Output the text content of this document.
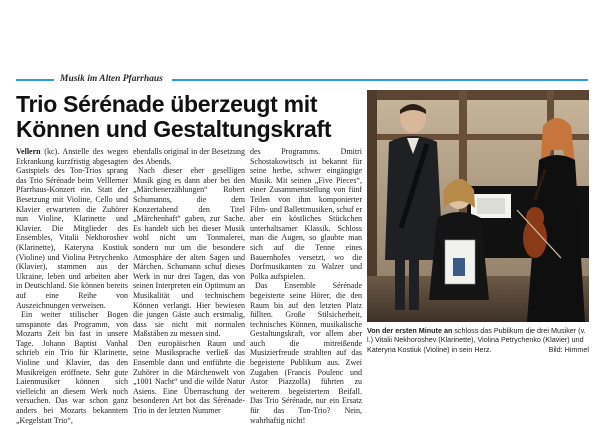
Musik im Alten Pfarrhaus
Trio Sérénade überzeugt mit
Können und Gestaltungskraft

Vellern (kc). Anstelle des wegen Erkrankung kurzfristig abgesagten Gastspiels des Ton-Trios sprang das Trio Sérénade beim Velllerner Pfarrhaus-Konzert ein. Statt der Besetzung mit Violine, Cello und Klavier erwarteten die Zuhörer nun Violine, Klarinette und Klavier. Die Mitglieder des Ensembles, Vitalii Nekhoroshev (Klarinette), Kateryna Kostiuk (Violine) und Violina Petrychenko (Klavier), stammen aus der Ukraine, leben und arbeiten aber in Deutschland. Sie können bereits auf eine Reihe von Auszeichnungen verweisen.

Ein weiter stilischer Bogen umspannte das Programm, von Mozarts Zeit bis fast in unsere Tage. Johann Baptist Vanhal schrieb ein Trio für Klarinette, Violine und Klavier, das den Musikreigen eröffnete. Sehr gute Laienmusiker können sich vielleicht an diesem Werk noch versuchen. Das war schon ganz anders bei Mozarts bekanntem „Kegelstatt Trio“,

ebenfalls original in der Besetzung des Abends.

Nach dieser eher geselligen Musik ging es dann aber bei den „Märchenerzählungen“ Robert Schumanns, die dem Konzertabend den Titel „Märchenhaft“ gaben, zur Sache. Es handelt sich bei dieser Musik wohl nicht um Tonmalerei, sondern nur um die besondere Atmosphäre der alten Sagen und Märchen. Schumann schuf dieses Werk in nur drei Tagen, das von seinen Interpreten ein Optimum an Musikalität und technischem Können verlangt. Hier bewiesen die jungen Gäste auch erstmalig, dass sie nicht mit normalen Maßstäben zu messen sind.

Den europäischen Raum und seine Musiksprache verließ das Ensemble dann und entführte die Zuhörer in die Märchenwelt von „1001 Nacht“ und die wilde Natur Asiens. Eine Überraschung der besonderen Art bot das Sérénade-Trio in der letzten Nummer

des Programms. Dmitri Schostakowitsch ist bekannt für seine herbe, schwer eingängige Musik. Mit seinen „Five Pieces“, einer Zusammenstellung von fünf Teilen von ihm komponierter Film- und Ballettmusiken, schuf er aber ein köstliches Stückchen unterhaltsamer Klassik. Schloss man die Augen, so glaubte man sich auf die Tenne eines Bauernhofes versetzt, wo die Dorfmusikanten zu Walzer und Polka aufspielen.

Das Ensemble Sérénade begeisterte seine Hörer, die den Raum bis auf den letzten Platz füllten. Große Stilsicherheit, technisches Können, musikalische Gestaltungskraft, vor allem aber auch die mitreißende Musizierfreude strahlten auf das begeisterte Publikum aus. Zwei Zugaben (Francis Poulenc und Astor Piazzolla) führten zu weiterem begeistertem Beifall. Das Trio Sérénade, nur ein Ersatz für das Ton-Trio? Nein, wahrhaftig nicht!

Von der ersten Minute an schloss das Publikum die drei Musiker (v. l.) Vitalii Nekhoroshev (Klarinette), Violina Petrychenko (Klavier) und Kateryna Kostiuk (Violine) in sein Herz.	Bild: Himmel
